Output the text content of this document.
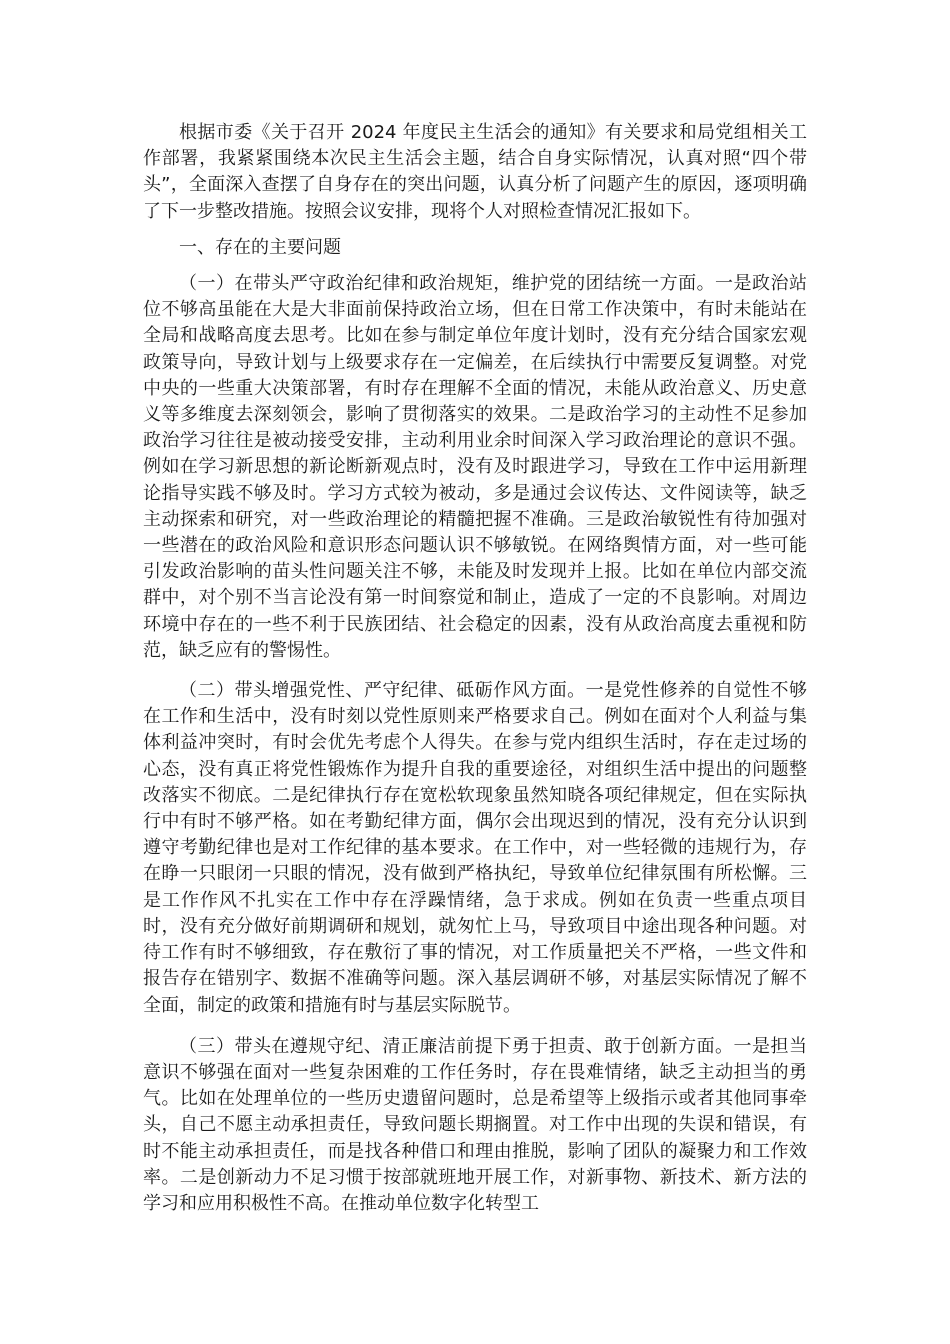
根据市委《关于召开 2024 年度民主生活会的通知》有关要求和局党组相关工作部署，我紧紧围绕本次民主生活会主题，结合自身实际情况，认真对照“四个带头”，全面深入查摆了自身存在的突出问题，认真分析了问题产生的原因，逐项明确了下一步整改措施。按照会议安排，现将个人对照检查情况汇报如下。

一、存在的主要问题

（一）在带头严守政治纪律和政治规矩，维护党的团结统一方面。一是政治站位不够高虽能在大是大非面前保持政治立场，但在日常工作决策中，有时未能站在全局和战略高度去思考。比如在参与制定单位年度计划时，没有充分结合国家宏观政策导向，导致计划与上级要求存在一定偏差，在后续执行中需要反复调整。对党中央的一些重大决策部署，有时存在理解不全面的情况，未能从政治意义、历史意义等多维度去深刻领会，影响了贯彻落实的效果。二是政治学习的主动性不足参加政治学习往往是被动接受安排，主动利用业余时间深入学习政治理论的意识不强。例如在学习新思想的新论断新观点时，没有及时跟进学习，导致在工作中运用新理论指导实践不够及时。学习方式较为被动，多是通过会议传达、文件阅读等，缺乏主动探索和研究，对一些政治理论的精髓把握不准确。三是政治敏锐性有待加强对一些潜在的政治风险和意识形态问题认识不够敏锐。在网络舆情方面，对一些可能引发政治影响的苗头性问题关注不够，未能及时发现并上报。比如在单位内部交流群中，对个别不当言论没有第一时间察觉和制止，造成了一定的不良影响。对周边环境中存在的一些不利于民族团结、社会稳定的因素，没有从政治高度去重视和防范，缺乏应有的警惕性。

（二）带头增强党性、严守纪律、砥砺作风方面。一是党性修养的自觉性不够在工作和生活中，没有时刻以党性原则来严格要求自己。例如在面对个人利益与集体利益冲突时，有时会优先考虑个人得失。在参与党内组织生活时，存在走过场的心态，没有真正将党性锻炼作为提升自我的重要途径，对组织生活中提出的问题整改落实不彻底。二是纪律执行存在宽松软现象虽然知晓各项纪律规定，但在实际执行中有时不够严格。如在考勤纪律方面，偶尔会出现迟到的情况，没有充分认识到遵守考勤纪律也是对工作纪律的基本要求。在工作中，对一些轻微的违规行为，存在睁一只眼闭一只眼的情况，没有做到严格执纪，导致单位纪律氛围有所松懈。三是工作作风不扎实在工作中存在浮躁情绪，急于求成。例如在负责一些重点项目时，没有充分做好前期调研和规划，就匆忙上马，导致项目中途出现各种问题。对待工作有时不够细致，存在敷衍了事的情况，对工作质量把关不严格，一些文件和报告存在错别字、数据不准确等问题。深入基层调研不够，对基层实际情况了解不全面，制定的政策和措施有时与基层实际脱节。

（三）带头在遵规守纪、清正廉洁前提下勇于担责、敢于创新方面。一是担当意识不够强在面对一些复杂困难的工作任务时，存在畏难情绪，缺乏主动担当的勇气。比如在处理单位的一些历史遗留问题时，总是希望等上级指示或者其他同事牵头，自己不愿主动承担责任，导致问题长期搁置。对工作中出现的失误和错误，有时不能主动承担责任，而是找各种借口和理由推脱，影响了团队的凝聚力和工作效率。二是创新动力不足习惯于按部就班地开展工作，对新事物、新技术、新方法的学习和应用积极性不高。在推动单位数字化转型工
